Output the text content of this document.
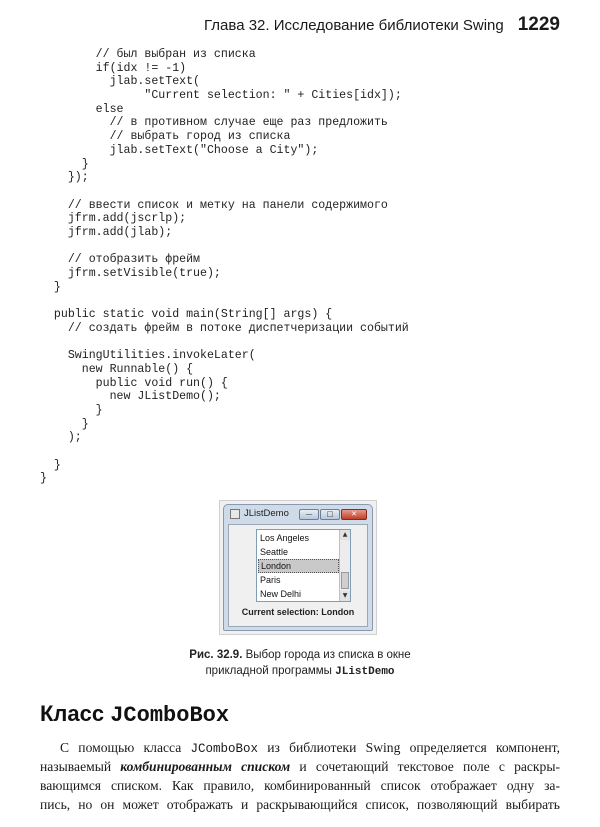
Глава 32. Исследование библиотеки Swing 1229
// был выбран из списка
if(idx != -1)
jlab.setText(
"Current selection: " + Cities[idx]);
else
// в противном случае еще раз предложить
// выбрать город из списка
jlab.setText("Choose a City");
}
});
// ввести список и метку на панели содержимого
jfrm.add(jscrlp);
jfrm.add(jlab);
// отобразить фрейм
jfrm.setVisible(true);
}
public static void main(String[] args) {
// создать фрейм в потоке диспетчеризации событий
SwingUtilities.invokeLater(
new Runnable() {
public void run() {
new JListDemo();
}
}
);
}
}
JListDemo	—	□	✕
Los Angeles
Seattle
London
Paris
New Delhi
▲
▼
Current selection: London
Рис. 32.9. Выбор города из списка в окне
прикладной программы JListDemo
Класс JComboBox
С помощью класса JComboBox из библиотеки Swing определяется компонент,
называемый комбинированным списком и сочетающий текстовое поле с раскры-
вающимся списком. Как правило, комбинированный список отображает одну за-
пись, но он может отображать и раскрывающийся список, позволяющий выбирать
